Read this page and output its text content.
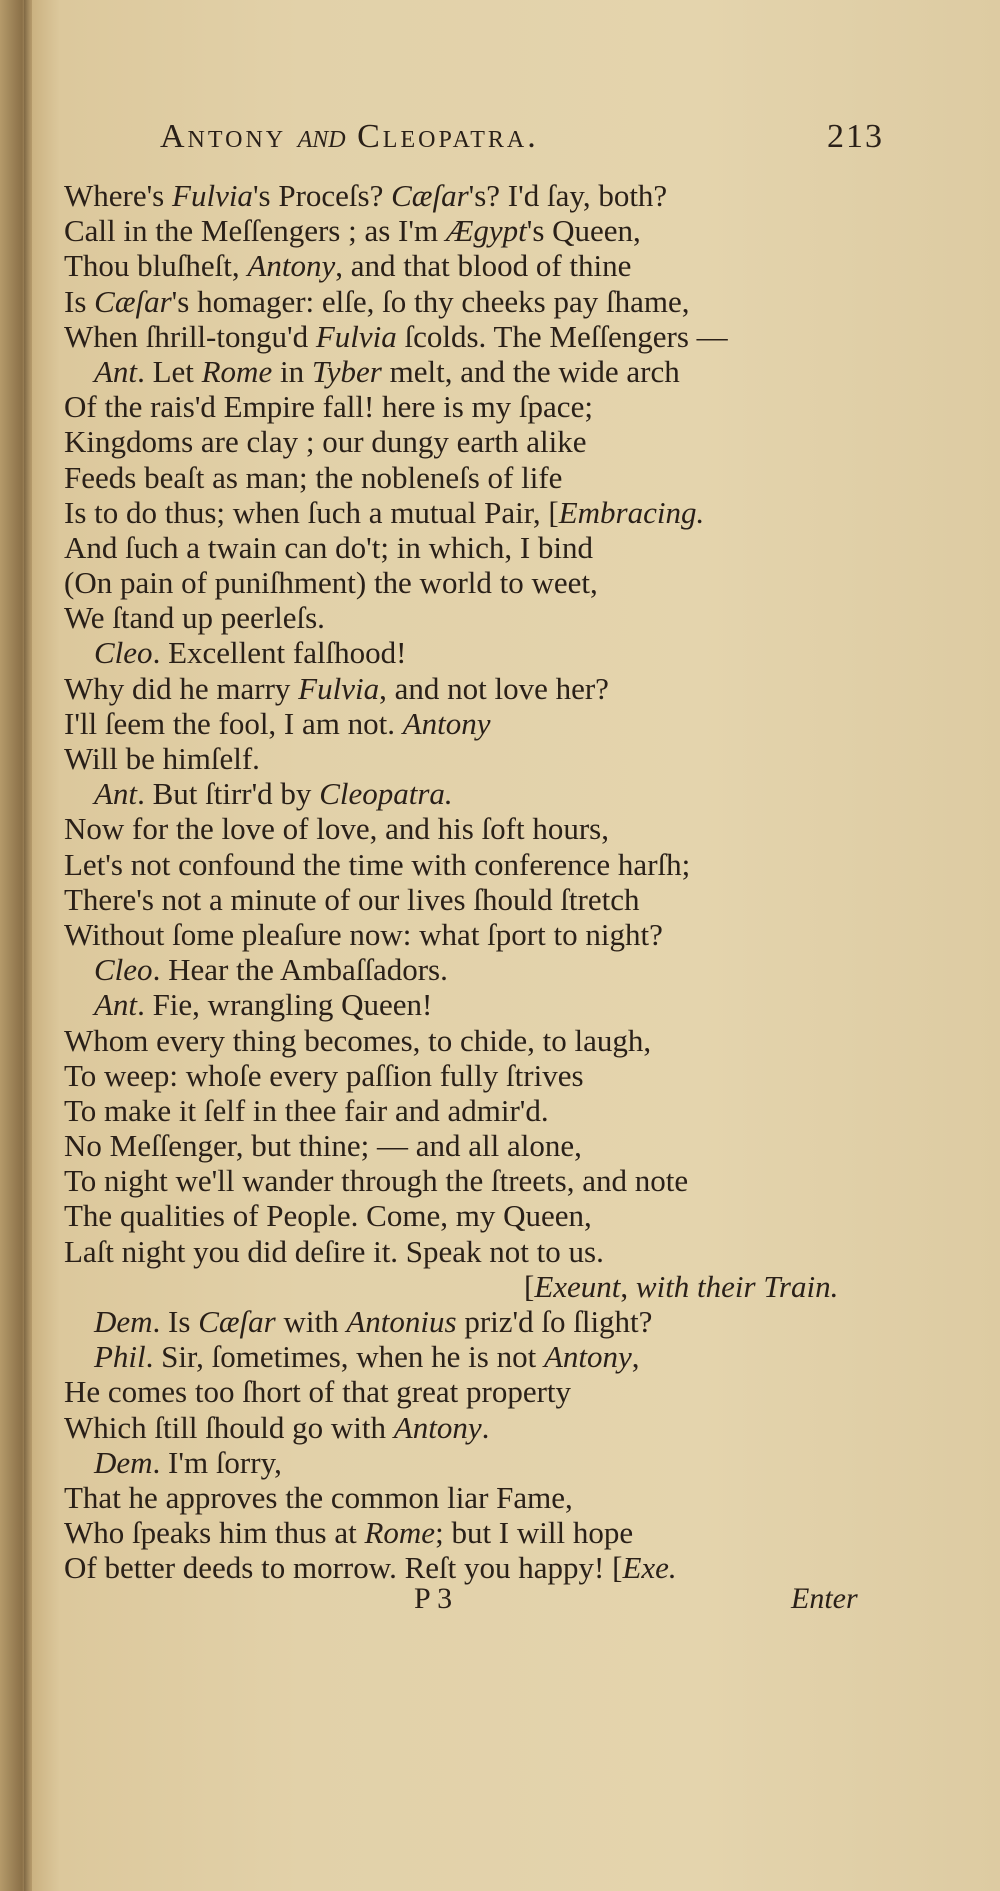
Antony and Cleopatra.	213
Where's Fulvia's Proceſs? Cæſar's? I'd ſay, both?
Call in the Meſſengers ; as I'm Ægypt's Queen,
Thou bluſheſt, Antony, and that blood of thine
Is Cæſar's homager: elſe, ſo thy cheeks pay ſhame,
When ſhrill-tongu'd Fulvia ſcolds. The Meſſengers —
Ant. Let Rome in Tyber melt, and the wide arch
Of the rais'd Empire fall! here is my ſpace;
Kingdoms are clay ; our dungy earth alike
Feeds beaſt as man; the nobleneſs of life
Is to do thus; when ſuch a mutual Pair, [Embracing.
And ſuch a twain can do't; in which, I bind
(On pain of puniſhment) the world to weet,
We ſtand up peerleſs.
Cleo. Excellent falſhood!
Why did he marry Fulvia, and not love her?
I'll ſeem the fool, I am not. Antony
Will be himſelf.
Ant. But ſtirr'd by Cleopatra.
Now for the love of love, and his ſoft hours,
Let's not confound the time with conference harſh;
There's not a minute of our lives ſhould ſtretch
Without ſome pleaſure now: what ſport to night?
Cleo. Hear the Ambaſſadors.
Ant. Fie, wrangling Queen!
Whom every thing becomes, to chide, to laugh,
To weep: whoſe every paſſion fully ſtrives
To make it ſelf in thee fair and admir'd.
No Meſſenger, but thine; — and all alone,
To night we'll wander through the ſtreets, and note
The qualities of People. Come, my Queen,
Laſt night you did deſire it. Speak not to us.
[Exeunt, with their Train.
Dem. Is Cæſar with Antonius priz'd ſo ſlight?
Phil. Sir, ſometimes, when he is not Antony,
He comes too ſhort of that great property
Which ſtill ſhould go with Antony.
Dem. I'm ſorry,
That he approves the common liar Fame,
Who ſpeaks him thus at Rome; but I will hope
Of better deeds to morrow. Reſt you happy! [Exe.
P 3	Enter
